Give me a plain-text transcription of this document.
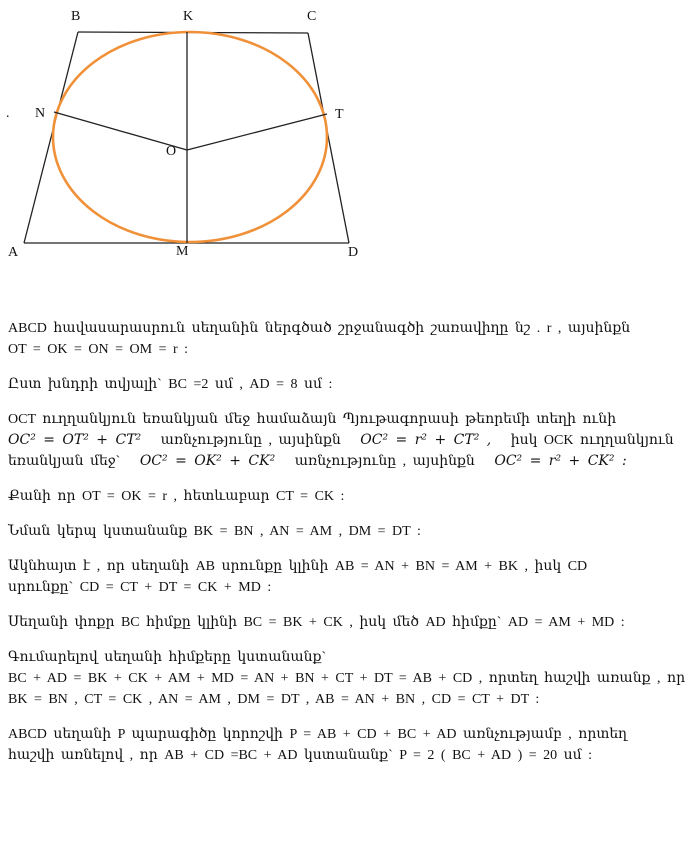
B	K	C
. N	T
O
A	M	D

ABCD հավասարասրուն սեղանին ներգծած շրջանագծի շառավիղը նշ . r , այսինքն
OT = OK = ON = OM = r :

Ըստ խնդրի տվյալի` BC =2 սմ , AD = 8 սմ :

OCT ուղղանկյուն եռանկյան մեջ համաձայն Պյութագորասի թեորեմի տեղի ունի
OC² = OT² + CT² առնչությունը , այսինքն OC² = r² + CT² , իսկ OCK ուղղանկյուն
եռանկյան մեջ` OC² = OK² + CK² առնչությունը , այսինքն OC² = r² + CK² :

Քանի որ OT = OK = r , հետևաբար CT = CK :

Նման կերպ կստանանք BK = BN , AN = AM , DM = DT :

Ակնհայտ է , որ սեղանի AB սրունքը կլինի AB = AN + BN = AM + BK , իսկ CD
սրունքը` CD = CT + DT = CK + MD :

Սեղանի փոքր BC հիմքը կլինի BC = BK + CK , իսկ մեծ AD հիմքը` AD = AM + MD :

Գումարելով սեղանի հիմքերը կստանանք`
BC + AD = BK + CK + AM + MD = AN + BN + CT + DT = AB + CD , որտեղ հաշվի առանք , որ
BK = BN , CT = CK , AN = AM , DM = DT , AB = AN + BN , CD = CT + DT :

ABCD սեղանի P պարագիծը կորոշվի P = AB + CD + BC + AD առնչությամբ , որտեղ
հաշվի առնելով , որ AB + CD =BC + AD կստանանք` P = 2 ( BC + AD ) = 20 սմ :
